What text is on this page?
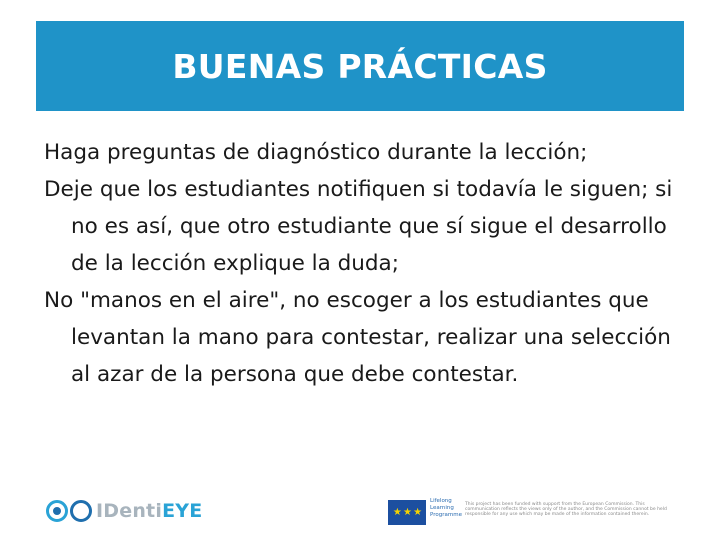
BUENAS PRÁCTICAS

Haga preguntas de diagnóstico durante la lección;

Deje que los estudiantes notifiquen si todavía le siguen; si no es así, que otro estudiante que sí sigue el desarrollo de la lección explique la duda;

No "manos en el aire", no escoger a los estudiantes que levantan la mano para contestar, realizar una selección al azar de la persona que debe contestar.

IDentiEYE	★ ★ ★
Lifelong Learning Programme
This project has been funded with support from the European Commission. This communication reflects the views only of the author, and the Commission cannot be held responsible for any use which may be made of the information contained therein.
